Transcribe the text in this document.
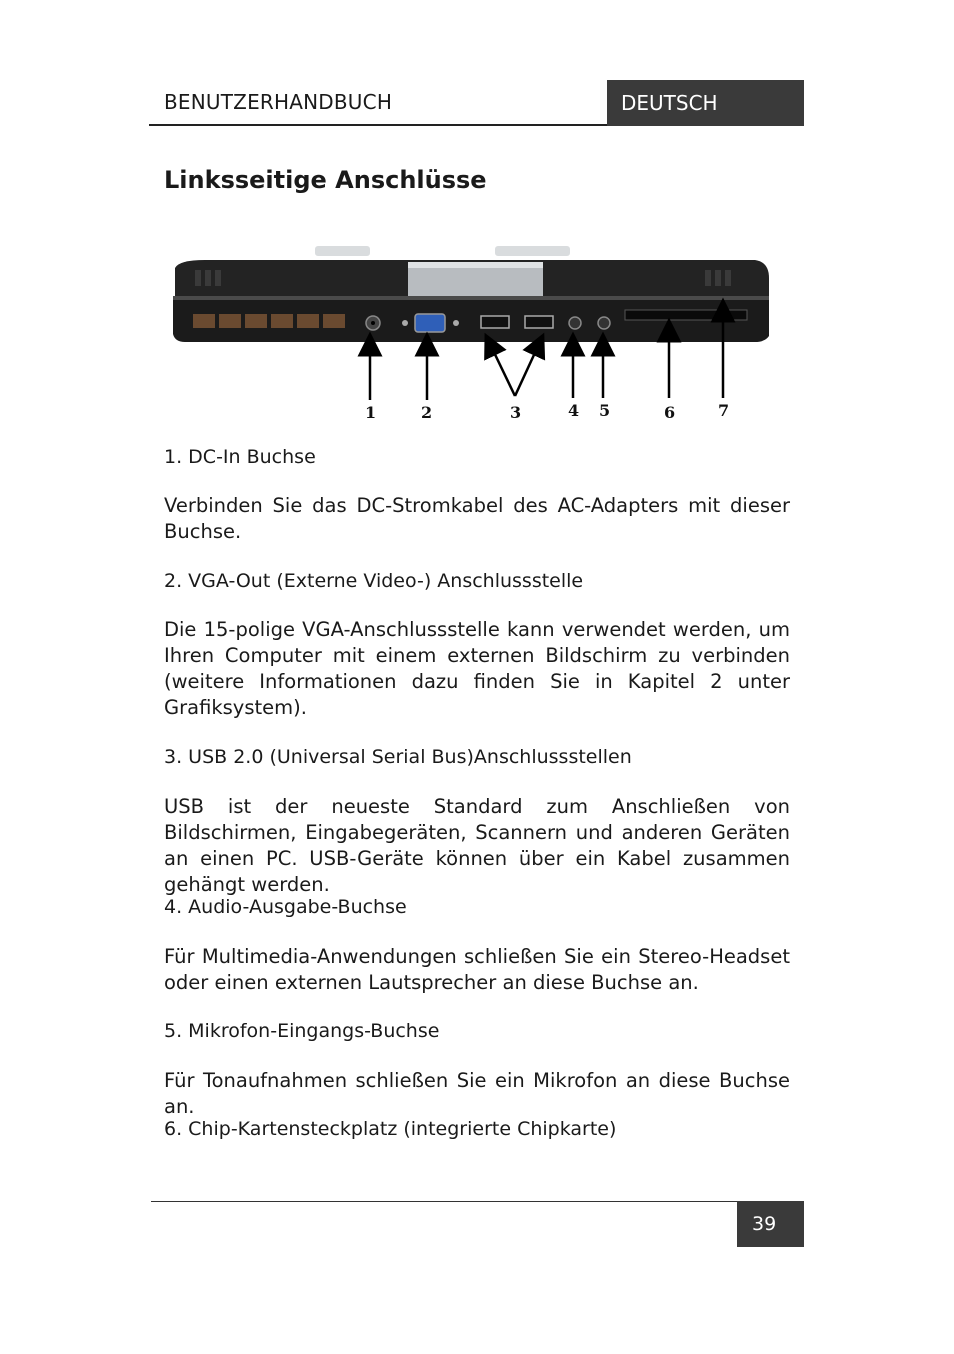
BENUTZERHANDBUCH	DEUTSCH
Linksseitige Anschlüsse
1	2	3	4 5	6	7
1. DC-In Buchse
Verbinden Sie das DC-Stromkabel des AC-Adapters mit dieser Buchse.
2. VGA-Out (Externe Video-) Anschlussstelle
Die 15-polige VGA-Anschlussstelle kann verwendet werden, um Ihren Computer mit einem externen Bildschirm zu verbinden (weitere Informationen dazu finden Sie in Kapitel 2 unter Grafiksystem).
3. USB 2.0 (Universal Serial Bus)Anschlussstellen
USB ist der neueste Standard zum Anschließen von Bildschirmen, Eingabegeräten, Scannern und anderen Geräten an einen PC. USB-Geräte können über ein Kabel zusammen gehängt werden.
4. Audio-Ausgabe-Buchse
Für Multimedia-Anwendungen schließen Sie ein Stereo-Headset oder einen externen Lautsprecher an diese Buchse an.
5. Mikrofon-Eingangs-Buchse
Für Tonaufnahmen schließen Sie ein Mikrofon an diese Buchse an.
6. Chip-Kartensteckplatz (integrierte Chipkarte)
39
